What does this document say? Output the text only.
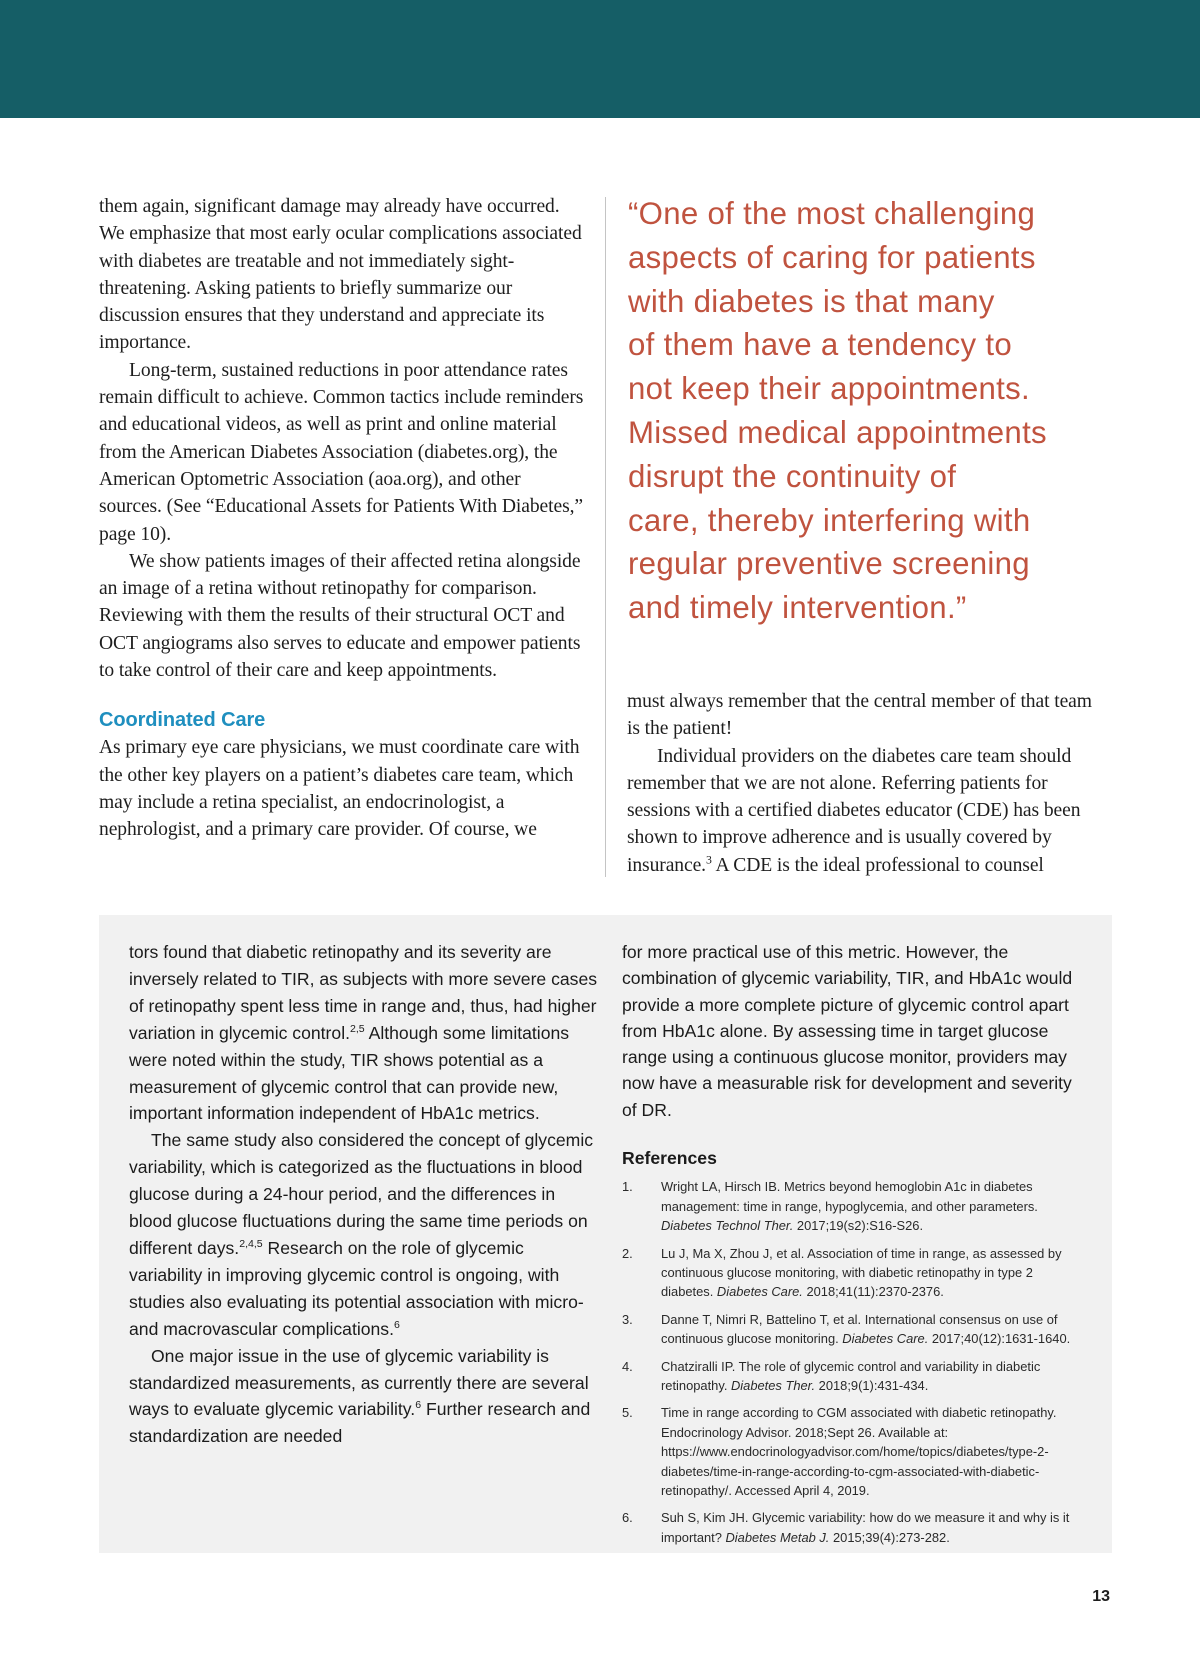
them again, significant damage may already have occurred. We emphasize that most early ocular complications associated with diabetes are treatable and not immediately sight-threatening. Asking patients to briefly summarize our discussion ensures that they understand and appreciate its importance.

Long-term, sustained reductions in poor attendance rates remain difficult to achieve. Common tactics include reminders and educational videos, as well as print and online material from the American Diabetes Association (diabetes.org), the American Optometric Association (aoa.org), and other sources. (See “Educational Assets for Patients With Diabetes,” page 10).

We show patients images of their affected retina alongside an image of a retina without retinopathy for comparison. Reviewing with them the results of their structural OCT and OCT angiograms also serves to educate and empower patients to take control of their care and keep appointments.

Coordinated Care

As primary eye care physicians, we must coordinate care with the other key players on a patient’s diabetes care team, which may include a retina specialist, an endocrinologist, a nephrologist, and a primary care provider. Of course, we

“One of the most challenging
aspects of caring for patients
with diabetes is that many
of them have a tendency to
not keep their appointments.
Missed medical appointments
disrupt the continuity of
care, thereby interfering with
regular preventive screening
and timely intervention.”

must always remember that the central member of that team is the patient!

Individual providers on the diabetes care team should remember that we are not alone. Referring patients for sessions with a certified diabetes educator (CDE) has been shown to improve adherence and is usually covered by insurance.$^3$ A CDE is the ideal professional to counsel

tors found that diabetic retinopathy and its severity are inversely related to TIR, as subjects with more severe cases of retinopathy spent less time in range and, thus, had higher variation in glycemic control.$^{2,5}$ Although some limitations were noted within the study, TIR shows potential as a measurement of glycemic control that can provide new, important information independent of HbA1c metrics.

The same study also considered the concept of glycemic variability, which is categorized as the fluctuations in blood glucose during a 24-hour period, and the differences in blood glucose fluctuations during the same time periods on different days.$^{2,4,5}$ Research on the role of glycemic variability in improving glycemic control is ongoing, with studies also evaluating its potential association with micro- and macrovascular complications.$^6$

One major issue in the use of glycemic variability is standardized measurements, as currently there are several ways to evaluate glycemic variability.$^6$ Further research and standardization are needed

for more practical use of this metric. However, the combination of glycemic variability, TIR, and HbA1c would provide a more complete picture of glycemic control apart from HbA1c alone. By assessing time in target glucose range using a continuous glucose monitor, providers may now have a measurable risk for development and severity of DR.

References
1. Wright LA, Hirsch IB. Metrics beyond hemoglobin A1c in diabetes management: time in range, hypoglycemia, and other parameters. Diabetes Technol Ther. 2017;19(s2):S16-S26.
2. Lu J, Ma X, Zhou J, et al. Association of time in range, as assessed by continuous glucose monitoring, with diabetic retinopathy in type 2 diabetes. Diabetes Care. 2018;41(11):2370-2376.
3. Danne T, Nimri R, Battelino T, et al. International consensus on use of continuous glucose monitoring. Diabetes Care. 2017;40(12):1631-1640.
4. Chatziralli IP. The role of glycemic control and variability in diabetic retinopathy. Diabetes Ther. 2018;9(1):431-434.
5. Time in range according to CGM associated with diabetic retinopathy. Endocrinology Advisor. 2018;Sept 26. Available at: https://www.endocrinologyadvisor.com/home/topics/diabetes/type-2-diabetes/time-in-range-according-to-cgm-associated-with-diabetic-retinopathy/. Accessed April 4, 2019.
6. Suh S, Kim JH. Glycemic variability: how do we measure it and why is it important? Diabetes Metab J. 2015;39(4):273-282.
13
